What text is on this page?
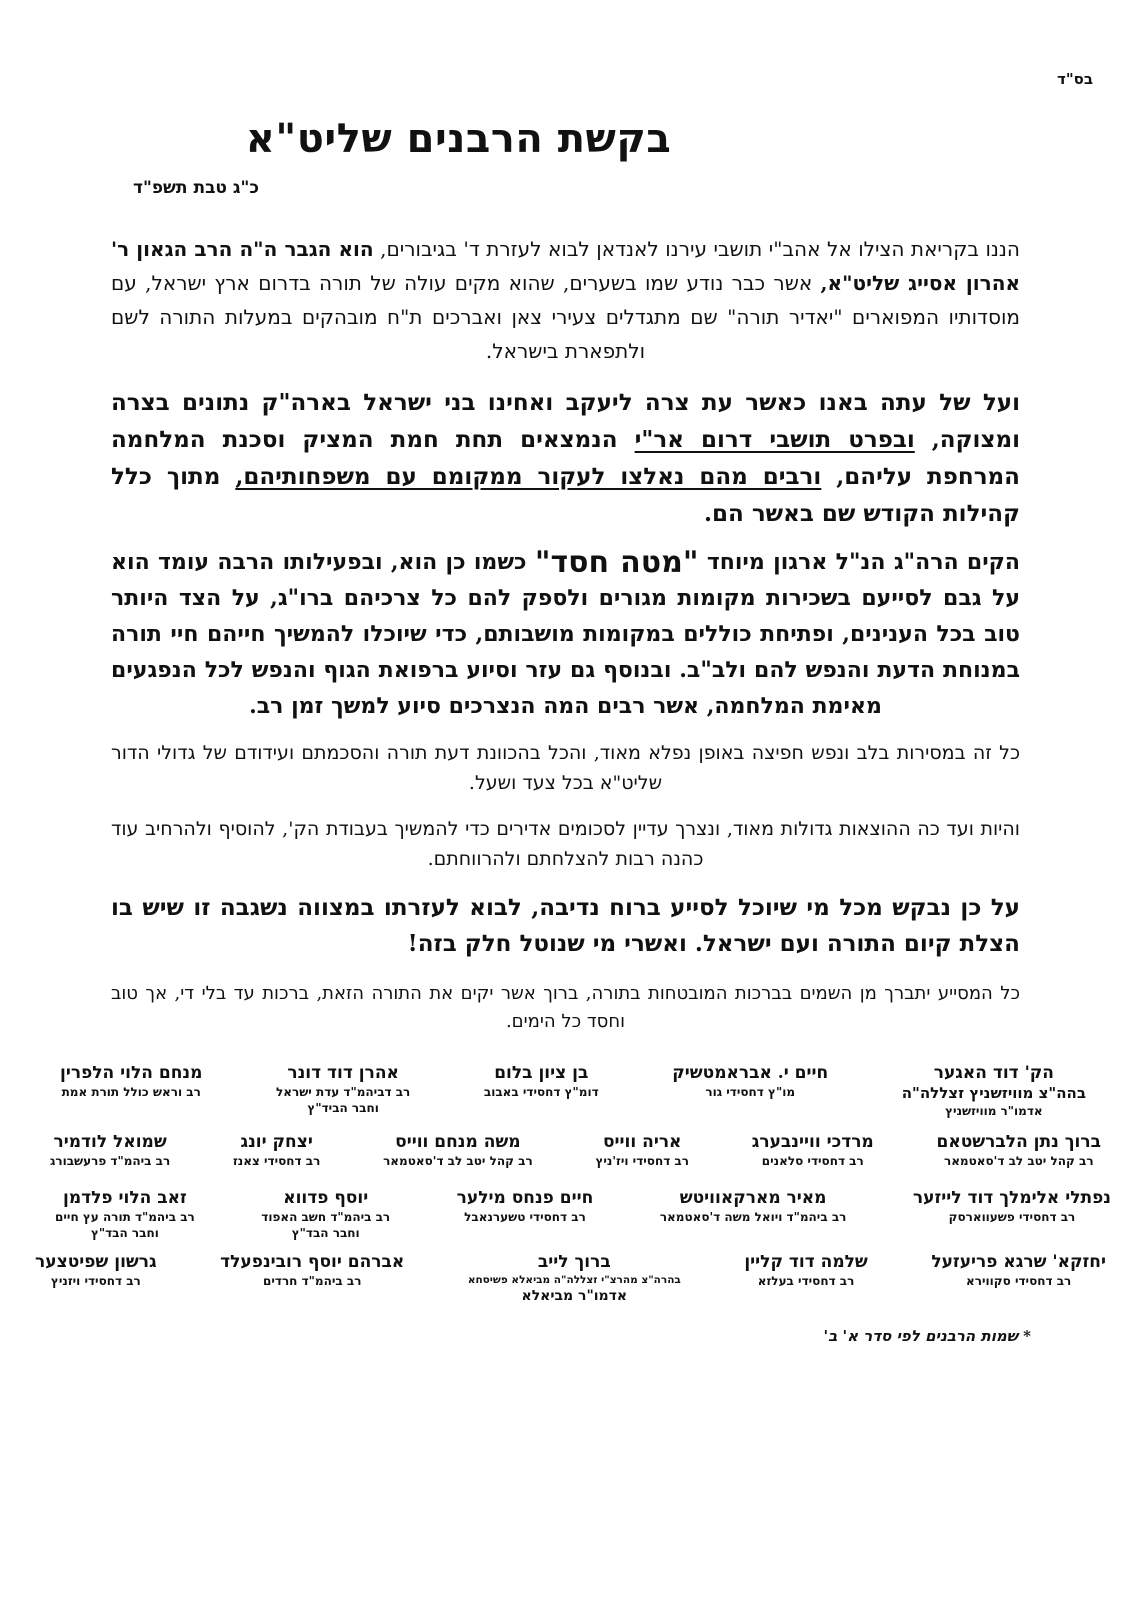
בס"ד
בקשת הרבנים שליט"א
כ"ג טבת תשפ"ד

הננו בקריאת הצילו אל אהב"י תושבי עירנו לאנדאן לבוא לעזרת ד' בגיבורים, הוא הגבר ה"ה הרב הגאון ר' אהרון אסייג שליט"א, אשר כבר נודע שמו בשערים, שהוא מקים עולה של תורה בדרום ארץ ישראל, עם מוסדותיו המפוארים "יאדיר תורה" שם מתגדלים צעירי צאן ואברכים ת"ח מובהקים במעלות התורה לשם ולתפארת בישראל.

ועל של עתה באנו כאשר עת צרה ליעקב ואחינו בני ישראל בארה"ק נתונים בצרה ומצוקה, ובפרט תושבי דרום אר"י הנמצאים תחת חמת המציק וסכנת המלחמה המרחפת עליהם, ורבים מהם נאלצו לעקור ממקומם עם משפחותיהם, מתוך כלל קהילות הקודש שם באשר הם.

הקים הרה"ג הנ"ל ארגון מיוחד "מטה חסד" כשמו כן הוא, ובפעילותו הרבה עומד הוא על גבם לסייעם בשכירות מקומות מגורים ולספק להם כל צרכיהם ברו"ג, על הצד היותר טוב בכל הענינים, ופתיחת כוללים במקומות מושבותם, כדי שיוכלו להמשיך חייהם חיי תורה במנוחת הדעת והנפש להם ולב"ב. ובנוסף גם עזר וסיוע ברפואת הגוף והנפש לכל הנפגעים מאימת המלחמה, אשר רבים המה הנצרכים סיוע למשך זמן רב.

כל זה במסירות בלב ונפש חפיצה באופן נפלא מאוד, והכל בהכוונת דעת תורה והסכמתם ועידודם של גדולי הדור שליט"א בכל צעד ושעל.

והיות ועד כה ההוצאות גדולות מאוד, ונצרך עדיין לסכומים אדירים כדי להמשיך בעבודת הק', להוסיף ולהרחיב עוד כהנה רבות להצלחתם ולהרווחתם.

על כן נבקש מכל מי שיוכל לסייע ברוח נדיבה, לבוא לעזרתו במצווה נשגבה זו שיש בו הצלת קיום התורה ועם ישראל. ואשרי מי שנוטל חלק בזה!

כל המסייע יתברך מן השמים בברכות המובטחות בתורה, ברוך אשר יקים את התורה הזאת, ברכות עד בלי די, אך טוב וחסד כל הימים.

הק' דוד האגער
בהה"צ מוויזשניץ זצללה"ה
אדמו"ר מוויזשניץ
חיים י. אבראמטשיק
מו"ץ דחסידי גור
בן ציון בלום
דומ"ץ דחסידי באבוב
אהרן דוד דונר
רב דביהמ"ד עדת ישראל
וחבר הביד"ץ
מנחם הלוי הלפרין
רב וראש כולל תורת אמת
ברוך נתן הלברשטאם
רב קהל יטב לב ד'סאטמאר
מרדכי וויינבערג
רב דחסידי סלאנים
אריה ווייס
רב דחסידי ויז'ניץ
משה מנחם ווייס
רב קהל יטב לב ד'סאטמאר
יצחק יונג
רב דחסידי צאנז
שמואל לודמיר
רב ביהמ"ד פרעשבורג
נפתלי אלימלך דוד לייזער
רב דחסידי פשעווארסק
מאיר מארקאוויטש
רב ביהמ"ד ויואל משה ד'סאטמאר
חיים פנחס מילער
רב דחסידי טשערנאבל
יוסף פדווא
רב ביהמ"ד חשב האפוד
וחבר הבד"ץ
זאב הלוי פלדמן
רב ביהמ"ד תורה עץ חיים
וחבר הבד"ץ
יחזקא' שרגא פריעזעל
רב דחסידי סקווירא
שלמה דוד קליין
רב דחסידי בעלזא
ברוך לייב
בהרה"צ מהרצ"י זצללה"ה מביאלא פשיסחא
אדמו"ר מביאלא
אברהם יוסף רובינפעלד
רב ביהמ"ד חרדים
גרשון שפיטצער
רב דחסידי ויזניץ
* שמות הרבנים לפי סדר א' ב'
